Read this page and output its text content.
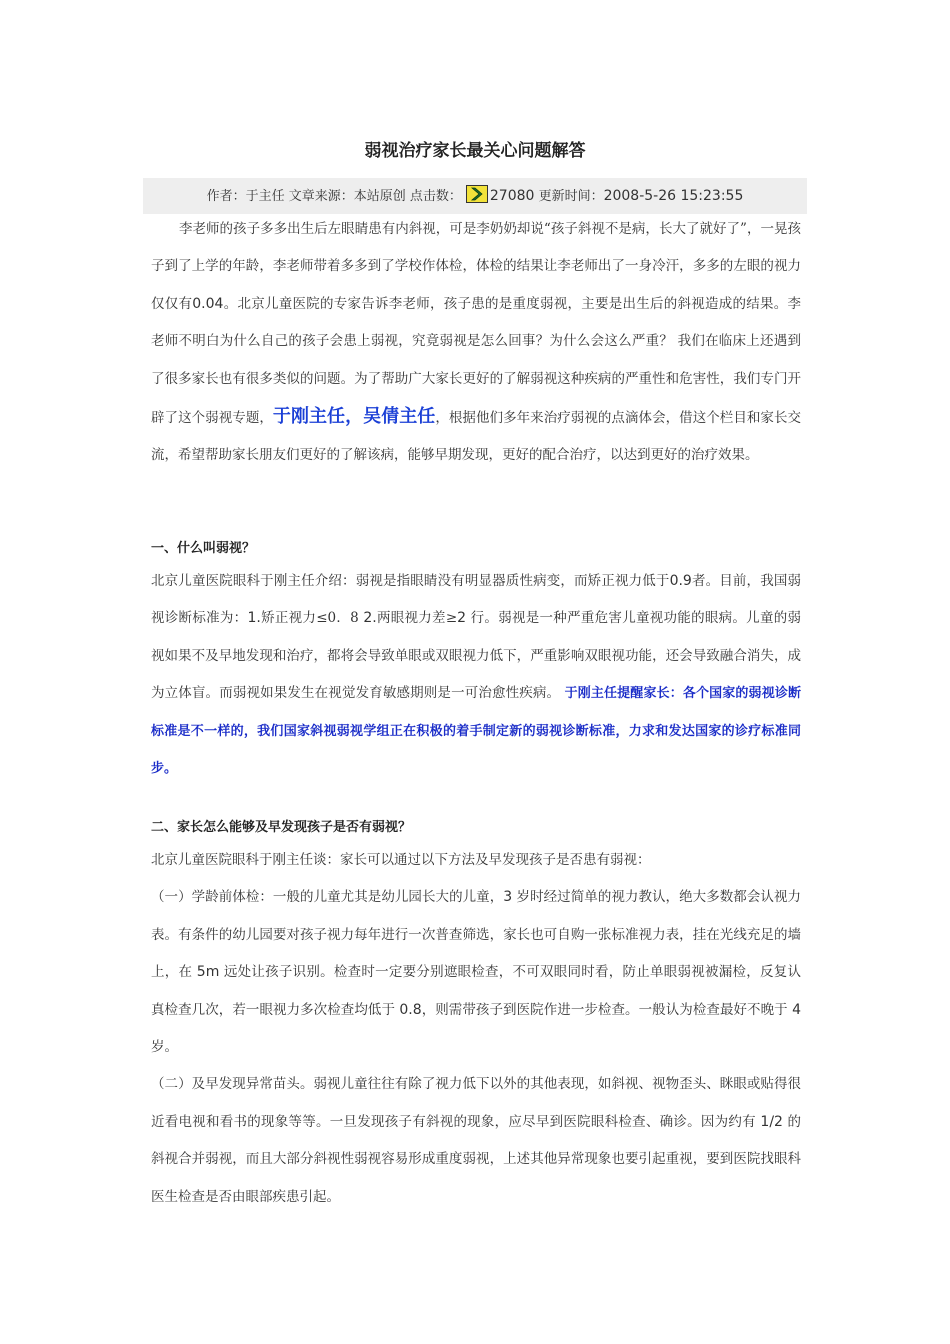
弱视治疗家长最关心问题解答
作者：于主任 文章来源：本站原创 点击数： 27080 更新时间：2008-5-26 15:23:55
李老师的孩子多多出生后左眼睛患有内斜视，可是李奶奶却说“孩子斜视不是病，长大了就好了”，一晃孩子到了上学的年龄，李老师带着多多到了学校作体检，体检的结果让李老师出了一身冷汗，多多的左眼的视力仅仅有0.04。北京儿童医院的专家告诉李老师，孩子患的是重度弱视，主要是出生后的斜视造成的结果。李老师不明白为什么自己的孩子会患上弱视，究竟弱视是怎么回事？为什么会这么严重？ 我们在临床上还遇到了很多家长也有很多类似的问题。为了帮助广大家长更好的了解弱视这种疾病的严重性和危害性，我们专门开辟了这个弱视专题，于刚主任，吴倩主任，根据他们多年来治疗弱视的点滴体会，借这个栏目和家长交流，希望帮助家长朋友们更好的了解该病，能够早期发现，更好的配合治疗，以达到更好的治疗效果。
一、什么叫弱视？
北京儿童医院眼科于刚主任介绍：弱视是指眼睛没有明显器质性病变，而矫正视力低于0.9者。目前，我国弱视诊断标准为：1.矫正视力≤0．8 2.两眼视力差≥2 行。弱视是一种严重危害儿童视功能的眼病。儿童的弱视如果不及早地发现和治疗，都将会导致单眼或双眼视力低下，严重影响双眼视功能，还会导致融合消失，成为立体盲。而弱视如果发生在视觉发育敏感期则是一可治愈性疾病。 于刚主任提醒家长：各个国家的弱视诊断标准是不一样的，我们国家斜视弱视学组正在积极的着手制定新的弱视诊断标准，力求和发达国家的诊疗标准同步。
二、家长怎么能够及早发现孩子是否有弱视？
北京儿童医院眼科于刚主任谈：家长可以通过以下方法及早发现孩子是否患有弱视：
（一）学龄前体检：一般的儿童尤其是幼儿园长大的儿童，3 岁时经过简单的视力教认，绝大多数都会认视力表。有条件的幼儿园要对孩子视力每年进行一次普查筛选，家长也可自购一张标准视力表，挂在光线充足的墙上，在 5m 远处让孩子识别。检查时一定要分别遮眼检查，不可双眼同时看，防止单眼弱视被漏检，反复认真检查几次，若一眼视力多次检查均低于 0.8，则需带孩子到医院作进一步检查。一般认为检查最好不晚于 4 岁。
（二）及早发现异常苗头。弱视儿童往往有除了视力低下以外的其他表现，如斜视、视物歪头、眯眼或贴得很近看电视和看书的现象等等。一旦发现孩子有斜视的现象，应尽早到医院眼科检查、确诊。因为约有 1/2 的斜视合并弱视，而且大部分斜视性弱视容易形成重度弱视，上述其他异常现象也要引起重视，要到医院找眼科医生检查是否由眼部疾患引起。
